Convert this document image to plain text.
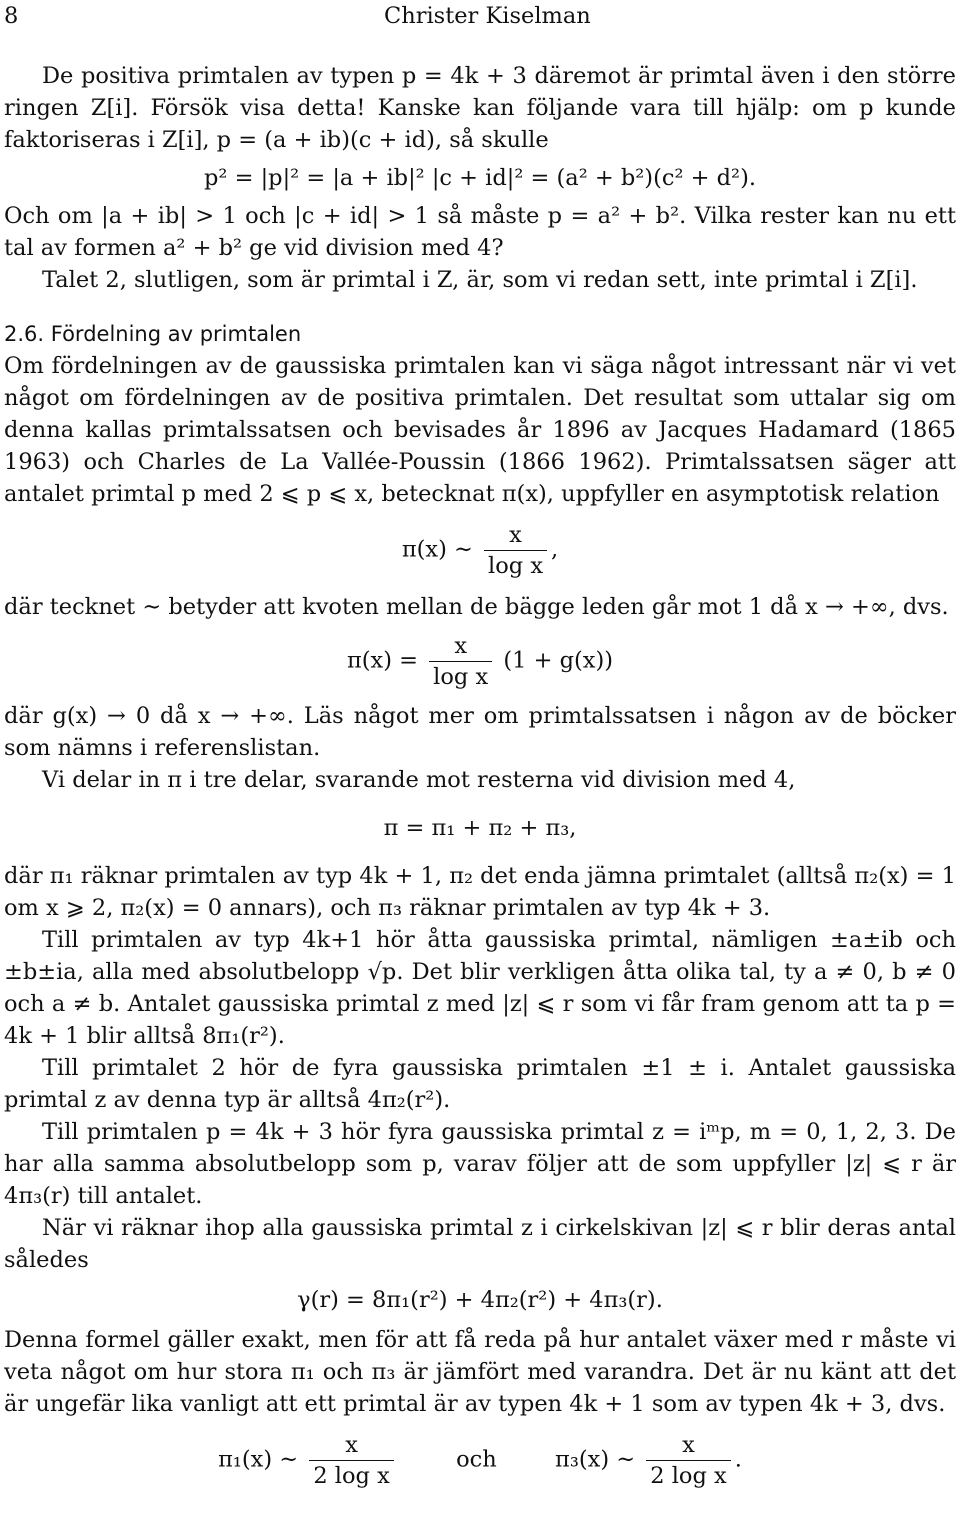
8	Christer Kiselman

De positiva primtalen av typen p = 4k + 3 däremot är primtal även i den större ringen Z[i]. Försök visa detta! Kanske kan följande vara till hjälp: om p kunde faktoriseras i Z[i], p = (a + ib)(c + id), så skulle

p² = |p|² = |a + ib|² |c + id|² = (a² + b²)(c² + d²).

Och om |a + ib| > 1 och |c + id| > 1 så måste p = a² + b². Vilka rester kan nu ett tal av formen a² + b² ge vid division med 4?

Talet 2, slutligen, som är primtal i Z, är, som vi redan sett, inte primtal i Z[i].

2.6. Fördelning av primtalen

Om fördelningen av de gaussiska primtalen kan vi säga något intressant när vi vet något om fördelningen av de positiva primtalen. Det resultat som uttalar sig om denna kallas primtalssatsen och bevisades år 1896 av Jacques Hadamard (1865 1963) och Charles de La Vallée-Poussin (1866 1962). Primtalssatsen säger att antalet primtal p med 2 ⩽ p ⩽ x, betecknat π(x), uppfyller en asymptotisk relation

π(x) ∼ $\frac{x}{\text{log x}}$ ,

där tecknet ∼ betyder att kvoten mellan de bägge leden går mot 1 då x → +∞, dvs.

$\pi(x) = \frac{x}{\text{log x}} (1 + g(x))$

där g(x) → 0 då x → +∞. Läs något mer om primtalssatsen i någon av de böcker som nämns i referenslistan.

Vi delar in π i tre delar, svarande mot resterna vid division med 4,

π = π₁ + π₂ + π₃,

där π₁ räknar primtalen av typ 4k + 1, π₂ det enda jämna primtalet (alltså π₂(x) = 1 om x ⩾ 2, π₂(x) = 0 annars), och π₃ räknar primtalen av typ 4k + 3.

Till primtalen av typ 4k+1 hör åtta gaussiska primtal, nämligen ±a±ib och ±b±ia, alla med absolutbelopp √p. Det blir verkligen åtta olika tal, ty a ≠ 0, b ≠ 0 och a ≠ b. Antalet gaussiska primtal z med |z| ⩽ r som vi får fram genom att ta p = 4k + 1 blir alltså 8π₁(r²).

Till primtalet 2 hör de fyra gaussiska primtalen ±1 ± i. Antalet gaussiska primtal z av denna typ är alltså 4π₂(r²).

Till primtalen p = 4k + 3 hör fyra gaussiska primtal z = iᵐp, m = 0, 1, 2, 3. De har alla samma absolutbelopp som p, varav följer att de som uppfyller |z| ⩽ r är 4π₃(r) till antalet.

När vi räknar ihop alla gaussiska primtal z i cirkelskivan |z| ⩽ r blir deras antal således

γ(r) = 8π₁(r²) + 4π₂(r²) + 4π₃(r).

Denna formel gäller exakt, men för att få reda på hur antalet växer med r måste vi veta något om hur stora π₁ och π₃ är jämfört med varandra. Det är nu känt att det är ungefär lika vanligt att ett primtal är av typen 4k + 1 som av typen 4k + 3, dvs.

π₁(x) ∼ $\frac{x}{\text{2 log x}}$	och	π₃(x) ∼ $\frac{x}{\text{2 log x}}$ .
